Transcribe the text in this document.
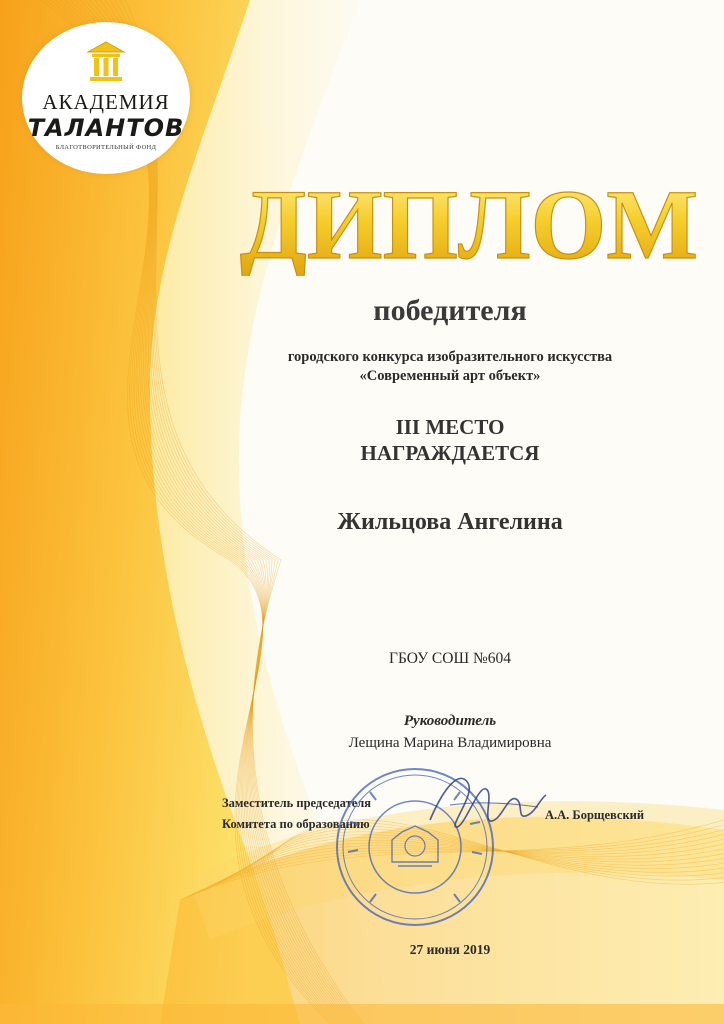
АКАДЕМИЯ
ТАЛАНТОВ
БЛАГОТВОРИТЕЛЬНЫЙ ФОНД
ДИПЛОМ
победителя
городского конкурса изобразительного искусства
«Современный арт объект»
III МЕСТО
НАГРАЖДАЕТСЯ
Жильцова Ангелина
ГБОУ СОШ №604
Руководитель
Лещина Марина Владимировна
Заместитель председателя
Комитета по образованию
А.А. Борщевский
27 июня 2019
